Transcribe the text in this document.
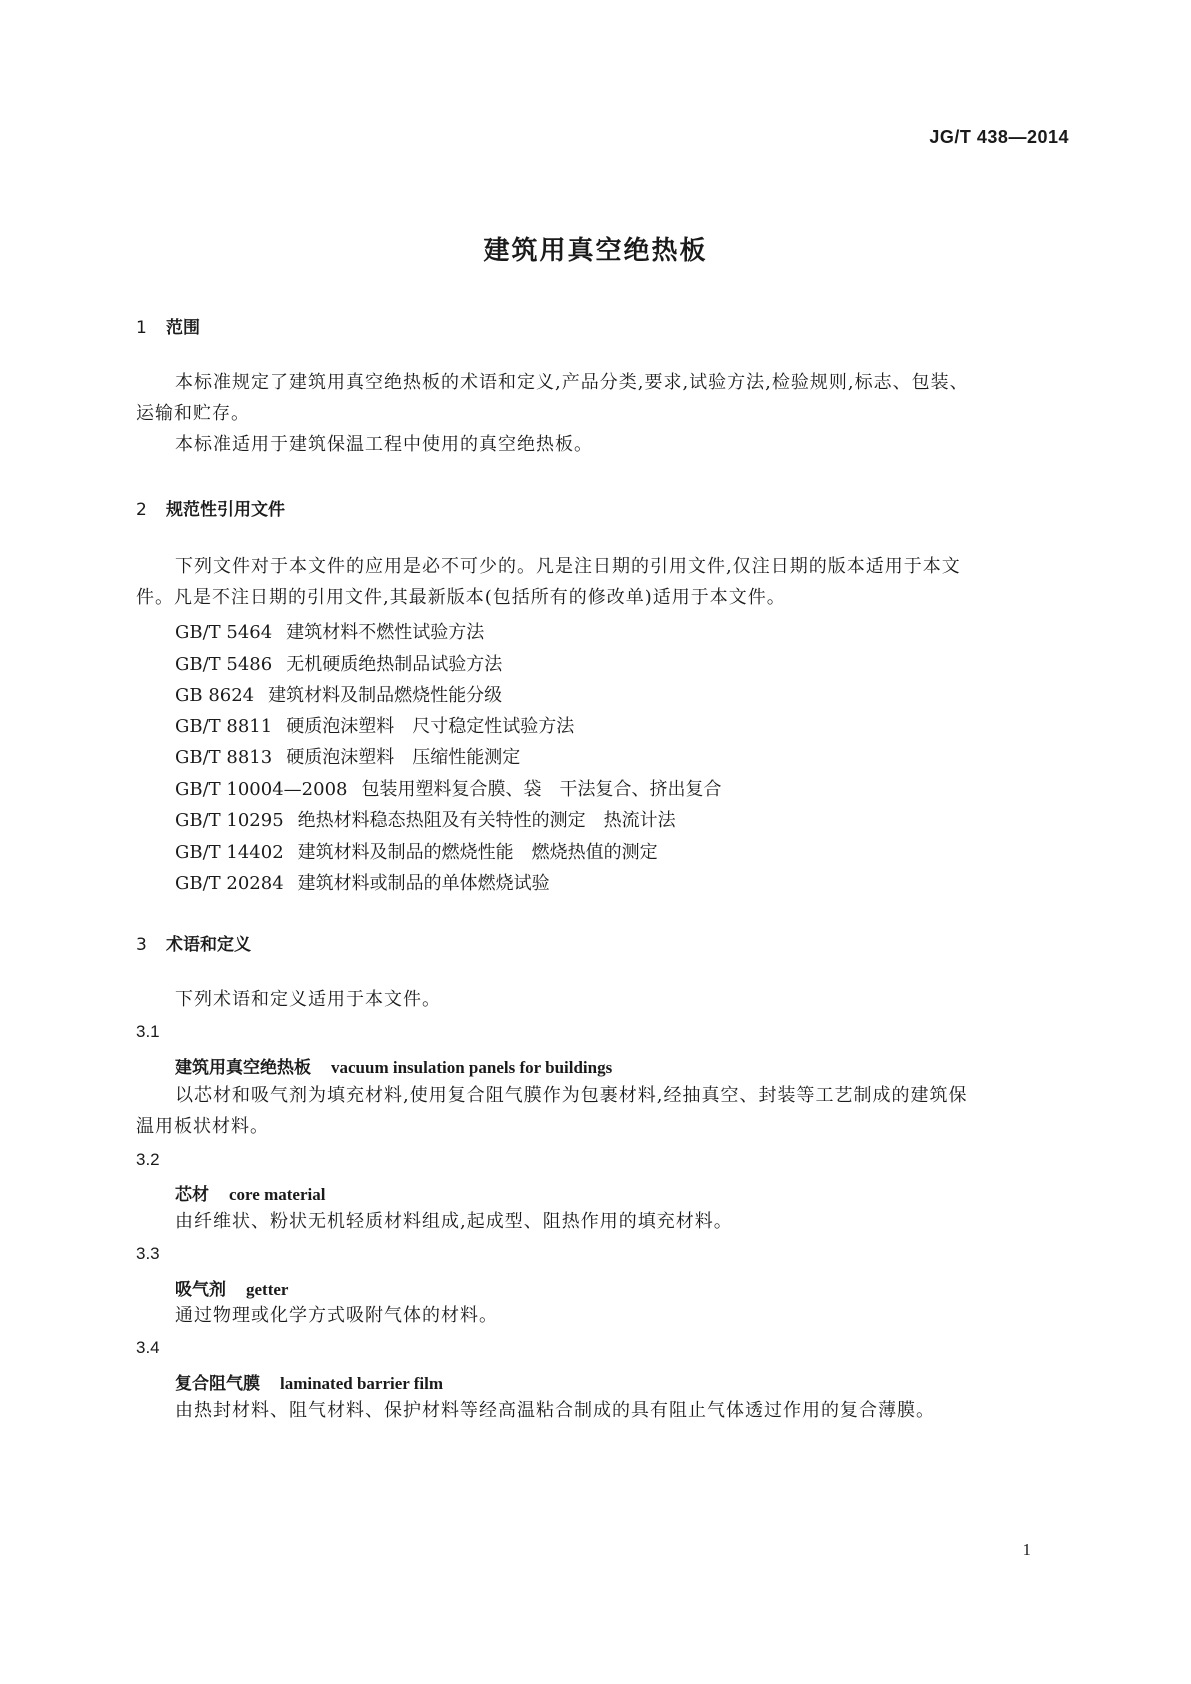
JG/T 438—2014
建筑用真空绝热板
1 范围
本标准规定了建筑用真空绝热板的术语和定义,产品分类,要求,试验方法,检验规则,标志、包装、
运输和贮存。
本标准适用于建筑保温工程中使用的真空绝热板。
2 规范性引用文件
下列文件对于本文件的应用是必不可少的。凡是注日期的引用文件,仅注日期的版本适用于本文
件。凡是不注日期的引用文件,其最新版本(包括所有的修改单)适用于本文件。
GB/T 5464 建筑材料不燃性试验方法
GB/T 5486 无机硬质绝热制品试验方法
GB 8624 建筑材料及制品燃烧性能分级
GB/T 8811 硬质泡沫塑料　尺寸稳定性试验方法
GB/T 8813 硬质泡沫塑料　压缩性能测定
GB/T 10004—2008 包装用塑料复合膜、袋　干法复合、挤出复合
GB/T 10295 绝热材料稳态热阻及有关特性的测定　热流计法
GB/T 14402 建筑材料及制品的燃烧性能　燃烧热值的测定
GB/T 20284 建筑材料或制品的单体燃烧试验
3 术语和定义
下列术语和定义适用于本文件。
3.1
建筑用真空绝热板 vacuum insulation panels for buildings
以芯材和吸气剂为填充材料,使用复合阻气膜作为包裹材料,经抽真空、封装等工艺制成的建筑保
温用板状材料。
3.2
芯材 core material
由纤维状、粉状无机轻质材料组成,起成型、阻热作用的填充材料。
3.3
吸气剂 getter
通过物理或化学方式吸附气体的材料。
3.4
复合阻气膜 laminated barrier film
由热封材料、阻气材料、保护材料等经高温粘合制成的具有阻止气体透过作用的复合薄膜。
1
